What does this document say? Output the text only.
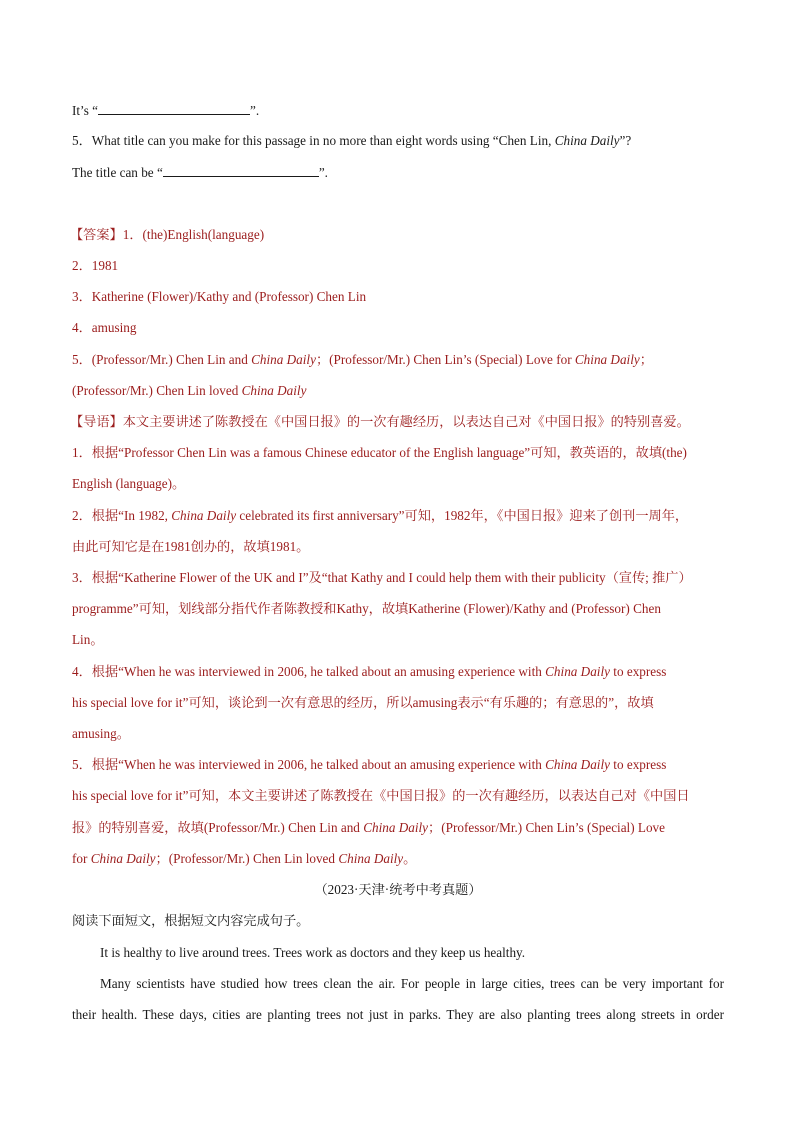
It’s “	”.
5．What title can you make for this passage in no more than eight words using “Chen Lin, China Daily”?
The title can be “	”.
【答案】1．(the)English(language)
2．1981
3．Katherine (Flower)/Kathy and (Professor) Chen Lin
4．amusing
5．(Professor/Mr.) Chen Lin and China Daily；(Professor/Mr.) Chen Lin’s (Special) Love for China Daily；
(Professor/Mr.) Chen Lin loved China Daily
【导语】本文主要讲述了陈教授在《中国日报》的一次有趣经历，以表达自己对《中国日报》的特别喜爱。
1．根据“Professor Chen Lin was a famous Chinese educator of the English language”可知，教英语的，故填(the)
English (language)。
2．根据“In 1982, China Daily celebrated its first anniversary”可知，1982年，《中国日报》迎来了创刊一周年，
由此可知它是在1981创办的，故填1981。
3．根据“Katherine Flower of the UK and I”及“that Kathy and I could help them with their publicity（宣传; 推广）
programme”可知，划线部分指代作者陈教授和Kathy，故填Katherine (Flower)/Kathy and (Professor) Chen
Lin。
4．根据“When he was interviewed in 2006, he talked about an amusing experience with China Daily to express
his special love for it”可知，谈论到一次有意思的经历，所以amusing表示“有乐趣的；有意思的”，故填
amusing。
5．根据“When he was interviewed in 2006, he talked about an amusing experience with China Daily to express
his special love for it”可知，本文主要讲述了陈教授在《中国日报》的一次有趣经历，以表达自己对《中国日
报》的特别喜爱，故填(Professor/Mr.) Chen Lin and China Daily；(Professor/Mr.) Chen Lin’s (Special) Love
for China Daily；(Professor/Mr.) Chen Lin loved China Daily。
（2023·天津·统考中考真题）
阅读下面短文，根据短文内容完成句子。
It is healthy to live around trees. Trees work as doctors and they keep us healthy.
Many scientists have studied how trees clean the air. For people in large cities, trees can be very important for
their health. These days, cities are planting trees not just in parks. They are also planting trees along streets in order
